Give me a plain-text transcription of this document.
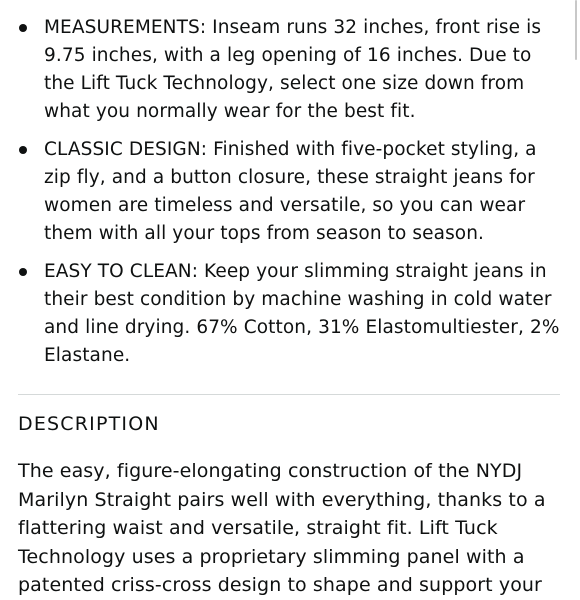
MEASUREMENTS: Inseam runs 32 inches, front rise is 9.75 inches, with a leg opening of 16 inches. Due to the Lift Tuck Technology, select one size down from what you normally wear for the best fit.
CLASSIC DESIGN: Finished with five-pocket styling, a zip fly, and a button closure, these straight jeans for women are timeless and versatile, so you can wear them with all your tops from season to season.
EASY TO CLEAN: Keep your slimming straight jeans in their best condition by machine washing in cold water and line drying. 67% Cotton, 31% Elastomultiester, 2% Elastane.
DESCRIPTION

The easy, figure-elongating construction of the NYDJ Marilyn Straight pairs well with everything, thanks to a flattering waist and versatile, straight fit. Lift Tuck Technology uses a proprietary slimming panel with a patented criss-cross design to shape and support your
